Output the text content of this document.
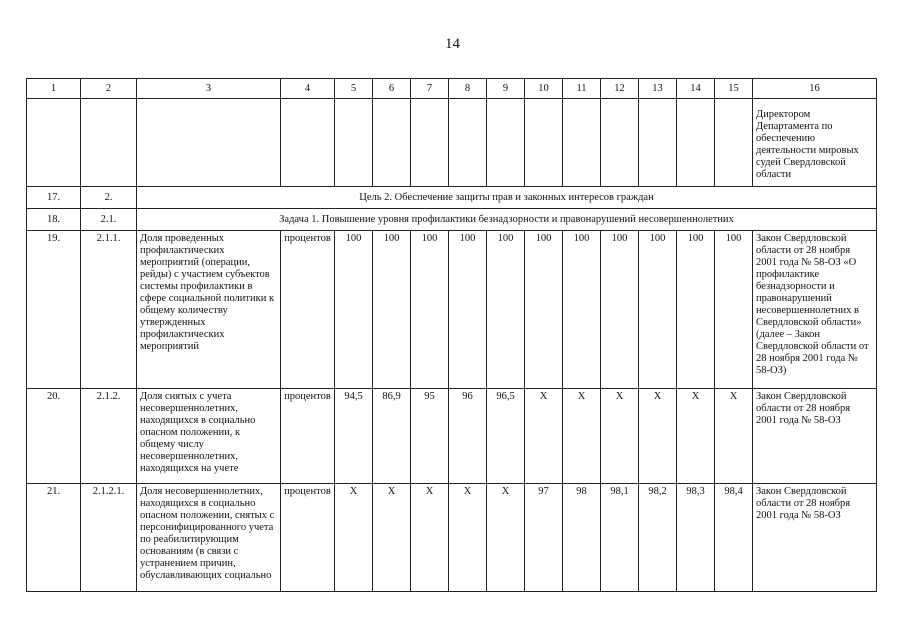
14
1	2	3	4	5	6	7	8	9	10	11	12	13	14	15	16
															Директором Департамента по обеспечению деятельности мировых судей Свердловской области
17.	2.	Цель 2. Обеспечение защиты прав и законных интересов граждан													
18.	2.1.	Задача 1. Повышение уровня профилактики безнадзорности и правонарушений несовершеннолетних													
19.	2.1.1.	Доля проведенных профилактических мероприятий (операции, рейды) с участием субъектов системы профилактики в сфере социальной политики к общему количеству утвержденных профилактических мероприятий	процентов	100	100	100	100	100	100	100	100	100	100	100	Закон Свердловской области от 28 ноября 2001 года № 58-ОЗ «О профилактике безнадзорности и правонарушений несовершеннолетних в Свердловской области» (далее – Закон Свердловской области от 28 ноября 2001 года № 58-ОЗ)
20.	2.1.2.	Доля снятых с учета несовершеннолетних, находящихся в социально опасном положении, к общему числу несовершеннолетних, находящихся на учете	процентов	94,5	86,9	95	96	96,5	X	X	X	X	X	X	Закон Свердловской области от 28 ноября 2001 года № 58-ОЗ
21.	2.1.2.1.	Доля несовершеннолетних, находящихся в социально опасном положении, снятых с персонифицированного учета по реабилитирующим основаниям (в связи с устранением причин, обуславливающих социально	процентов	X	X	X	X	X	97	98	98,1	98,2	98,3	98,4	Закон Свердловской области от 28 ноября 2001 года № 58-ОЗ
